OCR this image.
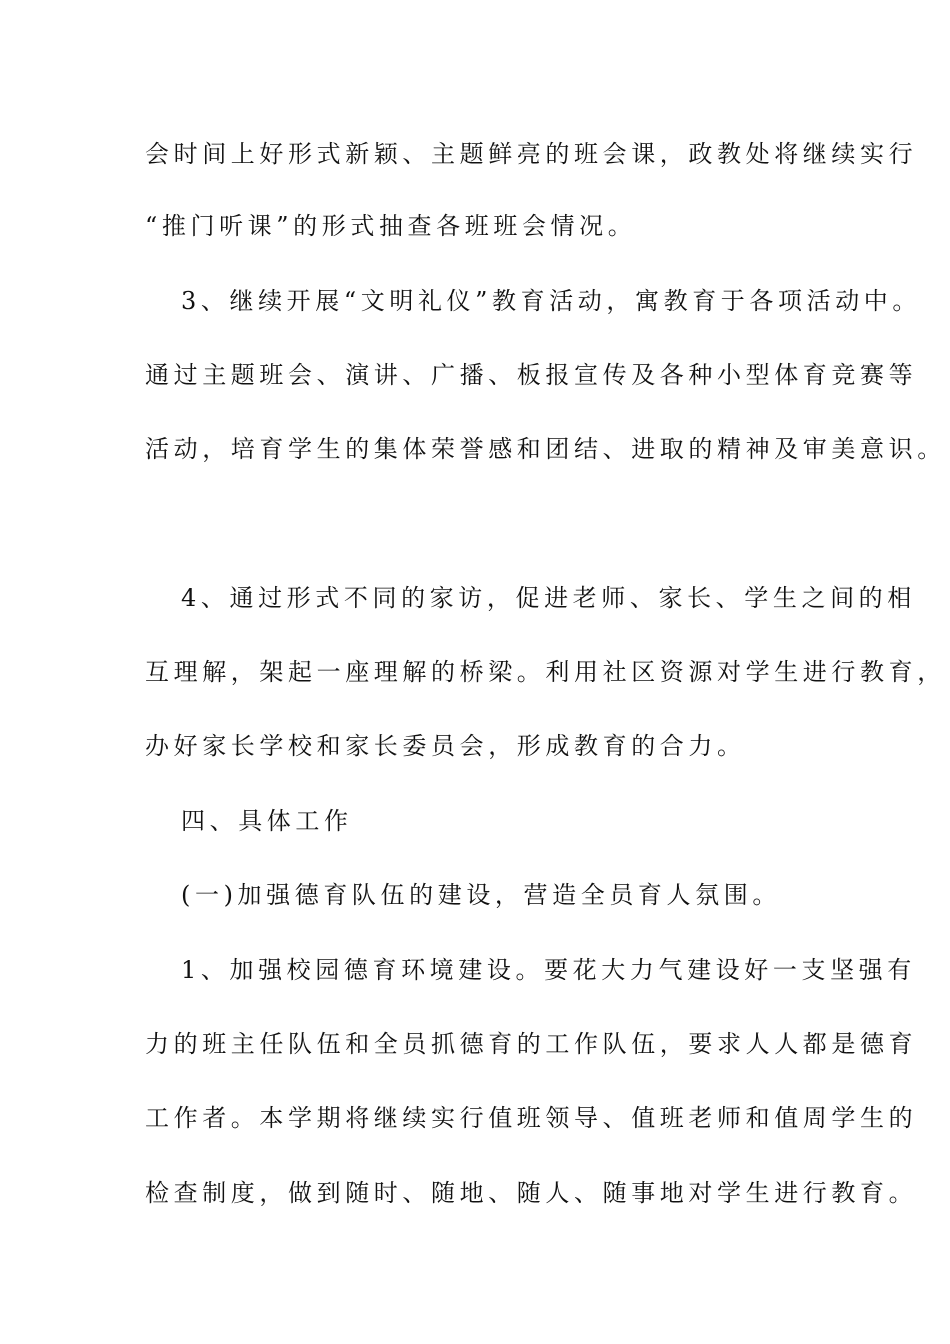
会时间上好形式新颖、主题鲜亮的班会课，政教处将继续实行
“推门听课”的形式抽查各班班会情况。
3、继续开展“文明礼仪”教育活动，寓教育于各项活动中。
通过主题班会、演讲、广播、板报宣传及各种小型体育竞赛等
活动，培育学生的集体荣誉感和团结、进取的精神及审美意识。
4、通过形式不同的家访，促进老师、家长、学生之间的相
互理解，架起一座理解的桥梁。利用社区资源对学生进行教育，
办好家长学校和家长委员会，形成教育的合力。
四、具体工作
(一)加强德育队伍的建设，营造全员育人氛围。
1、加强校园德育环境建设。要花大力气建设好一支坚强有
力的班主任队伍和全员抓德育的工作队伍，要求人人都是德育
工作者。本学期将继续实行值班领导、值班老师和值周学生的
检查制度，做到随时、随地、随人、随事地对学生进行教育。
